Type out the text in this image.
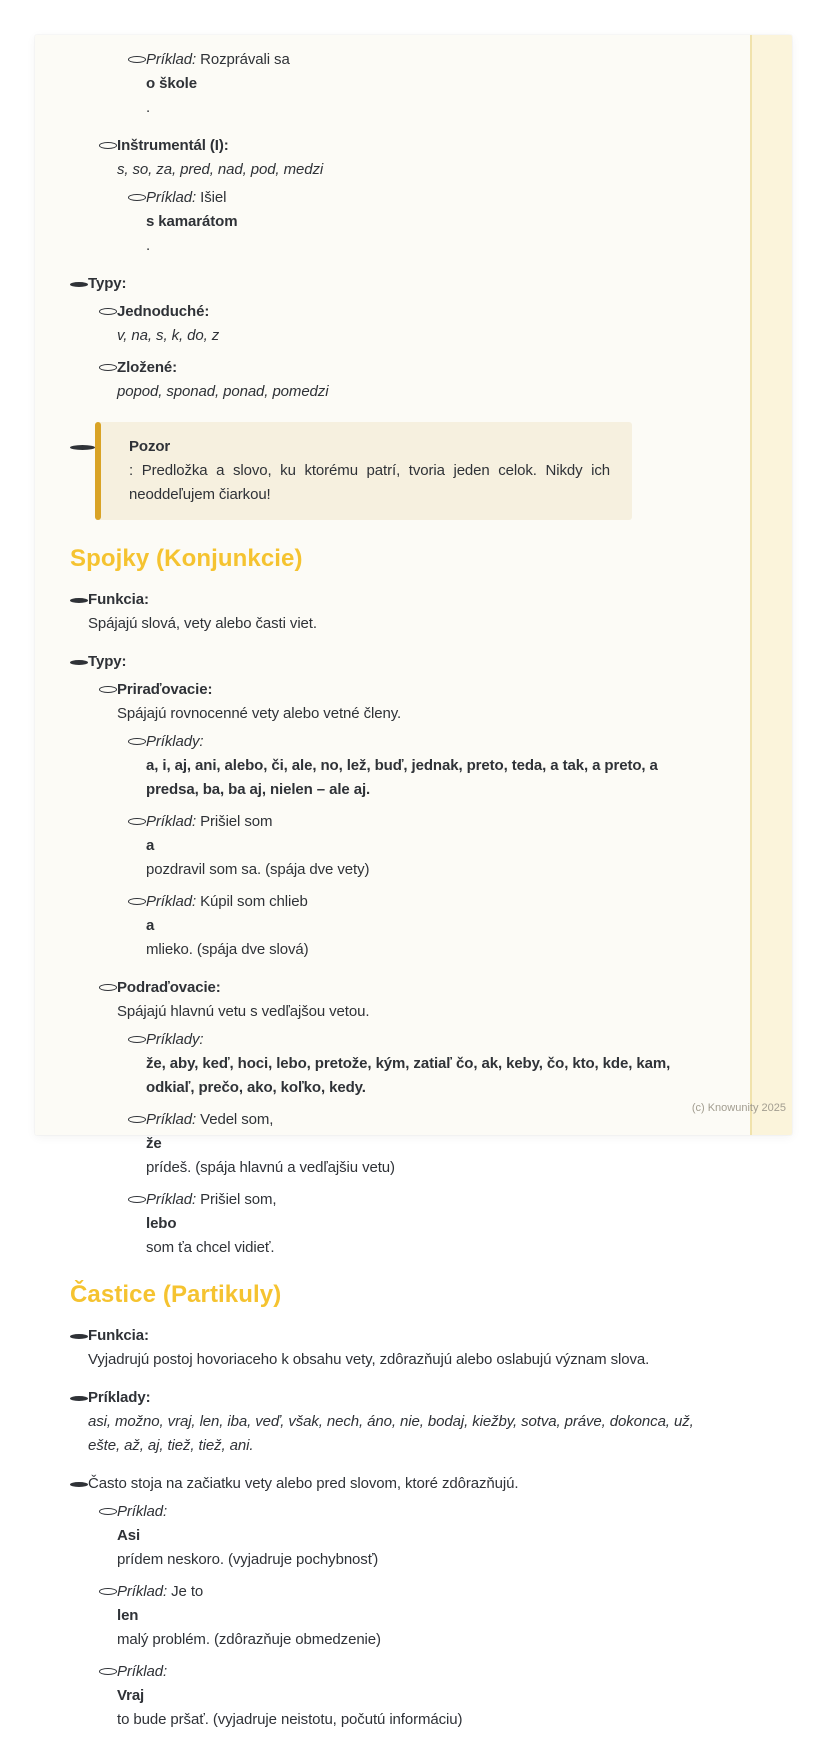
Príklad: Rozprávali sa
o škole
.

Inštrumentál (I):
s, so, za, pred, nad, pod, medzi

Príklad: Išiel
s kamarátom
.

Typy:

Jednoduché:
v, na, s, k, do, z

Zložené:
popod, sponad, ponad, pomedzi

Pozor
: Predložka a slovo, ku ktorému patrí, tvoria jeden celok. Nikdy ich neoddeľujem čiarkou!

Spojky (Konjunkcie)

Funkcia:
Spájajú slová, vety alebo časti viet.

Typy:

Priraďovacie:
Spájajú rovnocenné vety alebo vetné členy.

Príklady:
a, i, aj, ani, alebo, či, ale, no, lež, buď, jednak, preto, teda, a tak, a preto, a predsa, ba, ba aj, nielen – ale aj.

Príklad: Prišiel som
a
pozdravil som sa. (spája dve vety)

Príklad: Kúpil som chlieb
a
mlieko. (spája dve slová)

Podraďovacie:
Spájajú hlavnú vetu s vedľajšou vetou.

Príklady:
že, aby, keď, hoci, lebo, pretože, kým, zatiaľ čo, ak, keby, čo, kto, kde, kam, odkiaľ, prečo, ako, koľko, kedy.

Príklad: Vedel som,
že
prídeš. (spája hlavnú a vedľajšiu vetu)

Príklad: Prišiel som,
lebo
som ťa chcel vidieť.

Častice (Partikuly)

Funkcia:
Vyjadrujú postoj hovoriaceho k obsahu vety, zdôrazňujú alebo oslabujú význam slova.

Príklady:
asi, možno, vraj, len, iba, veď, však, nech, áno, nie, bodaj, kiežby, sotva, práve, dokonca, už, ešte, až, aj, tiež, tiež, ani.

Často stoja na začiatku vety alebo pred slovom, ktoré zdôrazňujú.

Príklad:
Asi
prídem neskoro. (vyjadruje pochybnosť)

Príklad: Je to
len
malý problém. (zdôrazňuje obmedzenie)

Príklad:
Vraj
to bude pršať. (vyjadruje neistotu, počutú informáciu)

(c) Knowunity 2025
